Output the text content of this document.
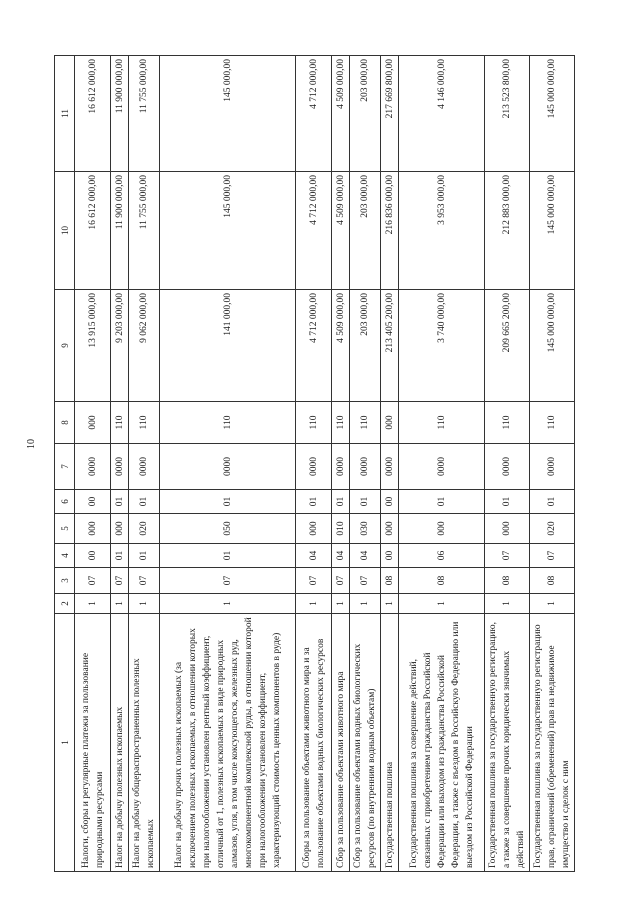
10
1	2	3	4	5	6	7	8	9	10	11
Налоги, сборы и регулярные платежи за пользование природными ресурсами	1	07	00	000	00	0000	000	13 915 000,00	16 612 000,00	16 612 000,00
Налог на добычу полезных ископаемых	1	07	01	000	01	0000	110	9 203 000,00	11 900 000,00	11 900 000,00
Налог на добычу общераспространенных полезных ископаемых	1	07	01	020	01	0000	110	9 062 000,00	11 755 000,00	11 755 000,00
Налог на добычу прочих полезных ископаемых (за исключением полезных ископаемых, в отношении которых при налогообложении установлен рентный коэффициент, отличный от 1, полезных ископаемых в виде природных алмазов, угля, в том числе коксующегося, железных руд, многокомпонентной комплексной руды, в отношении которой при налогообложении установлен коэффициент, характеризующий стоимость ценных компонентов в руде)	1	07	01	050	01	0000	110	141 000,00	145 000,00	145 000,00
Сборы за пользование объектами животного мира и за пользование объектами водных биологических ресурсов	1	07	04	000	01	0000	110	4 712 000,00	4 712 000,00	4 712 000,00
Сбор за пользование объектами животного мира	1	07	04	010	01	0000	110	4 509 000,00	4 509 000,00	4 509 000,00
Сбор за пользование объектами водных биологических ресурсов (по внутренним водным объектам)	1	07	04	030	01	0000	110	203 000,00	203 000,00	203 000,00
Государственная пошлина	1	08	00	000	00	0000	000	213 405 200,00	216 836 000,00	217 669 800,00
Государственная пошлина за совершение действий, связанных с приобретением гражданства Российской Федерации или выходом из гражданства Российской Федерации, а также с въездом в Российскую Федерацию или выездом из Российской Федерации	1	08	06	000	01	0000	110	3 740 000,00	3 953 000,00	4 146 000,00
Государственная пошлина за государственную регистрацию, а также за совершение прочих юридически значимых действий	1	08	07	000	01	0000	110	209 665 200,00	212 883 000,00	213 523 800,00
Государственная пошлина за государственную регистрацию прав, ограничений (обременений) прав на недвижимое имущество и сделок с ним	1	08	07	020	01	0000	110	145 000 000,00	145 000 000,00	145 000 000,00
